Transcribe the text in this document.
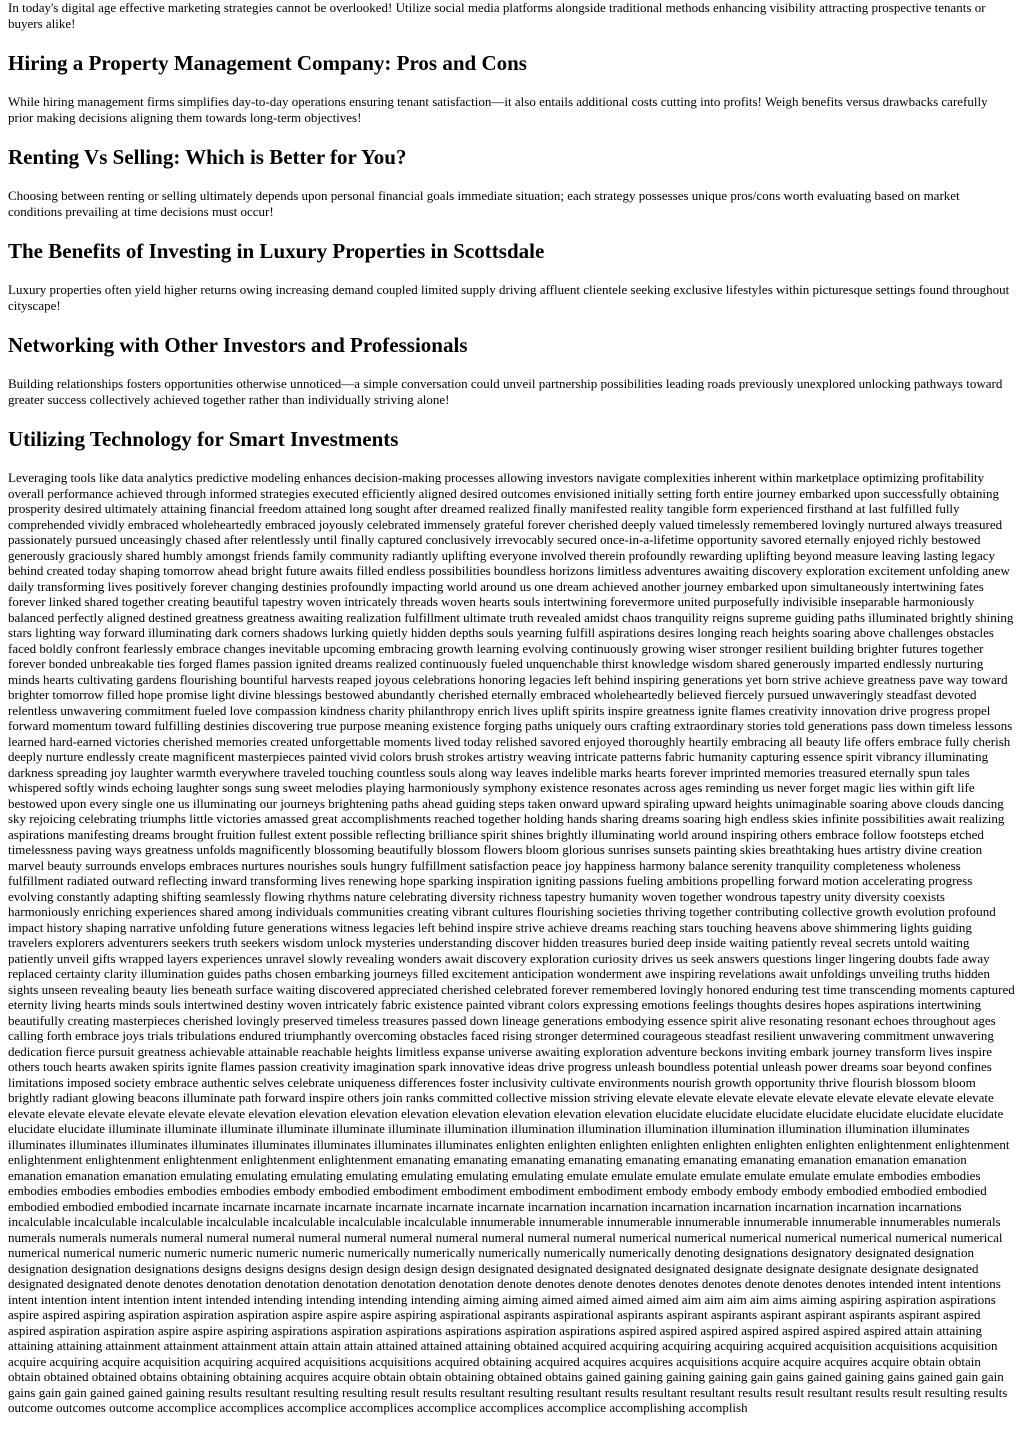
In today's digital age effective marketing strategies cannot be overlooked! Utilize social media platforms alongside traditional methods enhancing visibility attracting prospective tenants or buyers alike!

Hiring a Property Management Company: Pros and Cons

While hiring management firms simplifies day-to-day operations ensuring tenant satisfaction—it also entails additional costs cutting into profits! Weigh benefits versus drawbacks carefully prior making decisions aligning them towards long-term objectives!

Renting Vs Selling: Which is Better for You?

Choosing between renting or selling ultimately depends upon personal financial goals immediate situation; each strategy possesses unique pros/cons worth evaluating based on market conditions prevailing at time decisions must occur!

The Benefits of Investing in Luxury Properties in Scottsdale

Luxury properties often yield higher returns owing increasing demand coupled limited supply driving affluent clientele seeking exclusive lifestyles within picturesque settings found throughout cityscape!

Networking with Other Investors and Professionals

Building relationships fosters opportunities otherwise unnoticed—a simple conversation could unveil partnership possibilities leading roads previously unexplored unlocking pathways toward greater success collectively achieved together rather than individually striving alone!

Utilizing Technology for Smart Investments

Leveraging tools like data analytics predictive modeling enhances decision-making processes allowing investors navigate complexities inherent within marketplace optimizing profitability overall performance achieved through informed strategies executed efficiently aligned desired outcomes envisioned initially setting forth entire journey embarked upon successfully obtaining prosperity desired ultimately attaining financial freedom attained long sought after dreamed realized finally manifested reality tangible form experienced firsthand at last fulfilled fully comprehended vividly embraced wholeheartedly embraced joyously celebrated immensely grateful forever cherished deeply valued timelessly remembered lovingly nurtured always treasured passionately pursued unceasingly chased after relentlessly until finally captured conclusively irrevocably secured once-in-a-lifetime opportunity savored eternally enjoyed richly bestowed generously graciously shared humbly amongst friends family community radiantly uplifting everyone involved therein profoundly rewarding uplifting beyond measure leaving lasting legacy behind created today shaping tomorrow ahead bright future awaits filled endless possibilities boundless horizons limitless adventures awaiting discovery exploration excitement unfolding anew daily transforming lives positively forever changing destinies profoundly impacting world around us one dream achieved another journey embarked upon simultaneously intertwining fates forever linked shared together creating beautiful tapestry woven intricately threads woven hearts souls intertwining forevermore united purposefully indivisible inseparable harmoniously balanced perfectly aligned destined greatness greatness awaiting realization fulfillment ultimate truth revealed amidst chaos tranquility reigns supreme guiding paths illuminated brightly shining stars lighting way forward illuminating dark corners shadows lurking quietly hidden depths souls yearning fulfill aspirations desires longing reach heights soaring above challenges obstacles faced boldly confront fearlessly embrace changes inevitable upcoming embracing growth learning evolving continuously growing wiser stronger resilient building brighter futures together forever bonded unbreakable ties forged flames passion ignited dreams realized continuously fueled unquenchable thirst knowledge wisdom shared generously imparted endlessly nurturing minds hearts cultivating gardens flourishing bountiful harvests reaped joyous celebrations honoring legacies left behind inspiring generations yet born strive achieve greatness pave way toward brighter tomorrow filled hope promise light divine blessings bestowed abundantly cherished eternally embraced wholeheartedly believed fiercely pursued unwaveringly steadfast devoted relentless unwavering commitment fueled love compassion kindness charity philanthropy enrich lives uplift spirits inspire greatness ignite flames creativity innovation drive progress propel forward momentum toward fulfilling destinies discovering true purpose meaning existence forging paths uniquely ours crafting extraordinary stories told generations pass down timeless lessons learned hard-earned victories cherished memories created unforgettable moments lived today relished savored enjoyed thoroughly heartily embracing all beauty life offers embrace fully cherish deeply nurture endlessly create magnificent masterpieces painted vivid colors brush strokes artistry weaving intricate patterns fabric humanity capturing essence spirit vibrancy illuminating darkness spreading joy laughter warmth everywhere traveled touching countless souls along way leaves indelible marks hearts forever imprinted memories treasured eternally spun tales whispered softly winds echoing laughter songs sung sweet melodies playing harmoniously symphony existence resonates across ages reminding us never forget magic lies within gift life bestowed upon every single one us illuminating our journeys brightening paths ahead guiding steps taken onward upward spiraling upward heights unimaginable soaring above clouds dancing sky rejoicing celebrating triumphs little victories amassed great accomplishments reached together holding hands sharing dreams soaring high endless skies infinite possibilities await realizing aspirations manifesting dreams brought fruition fullest extent possible reflecting brilliance spirit shines brightly illuminating world around inspiring others embrace follow footsteps etched timelessness paving ways greatness unfolds magnificently blossoming beautifully blossom flowers bloom glorious sunrises sunsets painting skies breathtaking hues artistry divine creation marvel beauty surrounds envelops embraces nurtures nourishes souls hungry fulfillment satisfaction peace joy happiness harmony balance serenity tranquility completeness wholeness fulfillment radiated outward reflecting inward transforming lives renewing hope sparking inspiration igniting passions fueling ambitions propelling forward motion accelerating progress evolving constantly adapting shifting seamlessly flowing rhythms nature celebrating diversity richness tapestry humanity woven together wondrous tapestry unity diversity coexists harmoniously enriching experiences shared among individuals communities creating vibrant cultures flourishing societies thriving together contributing collective growth evolution profound impact history shaping narrative unfolding future generations witness legacies left behind inspire strive achieve dreams reaching stars touching heavens above shimmering lights guiding travelers explorers adventurers seekers truth seekers wisdom unlock mysteries understanding discover hidden treasures buried deep inside waiting patiently reveal secrets untold waiting patiently unveil gifts wrapped layers experiences unravel slowly revealing wonders await discovery exploration curiosity drives us seek answers questions linger lingering doubts fade away replaced certainty clarity illumination guides paths chosen embarking journeys filled excitement anticipation wonderment awe inspiring revelations await unfoldings unveiling truths hidden sights unseen revealing beauty lies beneath surface waiting discovered appreciated cherished celebrated forever remembered lovingly honored enduring test time transcending moments captured eternity living hearts minds souls intertwined destiny woven intricately fabric existence painted vibrant colors expressing emotions feelings thoughts desires hopes aspirations intertwining beautifully creating masterpieces cherished lovingly preserved timeless treasures passed down lineage generations embodying essence spirit alive resonating resonant echoes throughout ages calling forth embrace joys trials tribulations endured triumphantly overcoming obstacles faced rising stronger determined courageous steadfast resilient unwavering commitment unwavering dedication fierce pursuit greatness achievable attainable reachable heights limitless expanse universe awaiting exploration adventure beckons inviting embark journey transform lives inspire others touch hearts awaken spirits ignite flames passion creativity imagination spark innovative ideas drive progress unleash boundless potential unleash power dreams soar beyond confines limitations imposed society embrace authentic selves celebrate uniqueness differences foster inclusivity cultivate environments nourish growth opportunity thrive flourish blossom bloom brightly radiant glowing beacons illuminate path forward inspire others join ranks committed collective mission striving elevate elevate elevate elevate elevate elevate elevate elevate elevate elevate elevate elevate elevate elevate elevate elevation elevation elevation elevation elevation elevation elevation elevation elucidate elucidate elucidate elucidate elucidate elucidate elucidate elucidate elucidate illuminate illuminate illuminate illuminate illuminate illuminate illumination illumination illumination illumination illumination illumination illumination illuminates illuminates illuminates illuminates illuminates illuminates illuminates illuminates illuminates enlighten enlighten enlighten enlighten enlighten enlighten enlighten enlightenment enlightenment enlightenment enlightenment enlightenment enlightenment enlightenment emanating emanating emanating emanating emanating emanating emanating emanation emanation emanation emanation emanation emanation emulating emulating emulating emulating emulating emulating emulating emulate emulate emulate emulate emulate emulate emulate embodies embodies embodies embodies embodies embodies embodies embody embodied embodiment embodiment embodiment embodiment embody embody embody embody embodied embodied embodied embodied embodied embodied incarnate incarnate incarnate incarnate incarnate incarnate incarnate incarnation incarnation incarnation incarnation incarnation incarnation incarnations incalculable incalculable incalculable incalculable incalculable incalculable incalculable innumerable innumerable innumerable innumerable innumerable innumerable innumerables numerals numerals numerals numerals numeral numeral numeral numeral numeral numeral numeral numeral numeral numeral numerical numerical numerical numerical numerical numerical numerical numerical numerical numeric numeric numeric numeric numeric numerically numerically numerically numerically numerically denoting designations designatory designated designation designation designation designations designs designs designs design design design design designated designated designated designated designate designate designate designate designated designated designated denote denotes denotation denotation denotation denotation denotation denote denotes denote denotes denotes denotes denote denotes denotes intended intent intentions intent intention intent intention intent intended intending intending intending intending aiming aiming aimed aimed aimed aimed aim aim aim aim aims aiming aspiring aspiration aspirations aspire aspired aspiring aspiration aspiration aspiration aspire aspire aspire aspiring aspirational aspirants aspirational aspirants aspirant aspirants aspirant aspirant aspirants aspirant aspired aspired aspiration aspiration aspire aspire aspiring aspirations aspiration aspirations aspirations aspiration aspirations aspired aspired aspired aspired aspired aspired aspired attain attaining attaining attaining attainment attainment attainment attain attain attain attained attained attaining obtained acquired acquiring acquiring acquiring acquired acquisition acquisitions acquisition acquire acquiring acquire acquisition acquiring acquired acquisitions acquisitions acquired obtaining acquired acquires acquires acquisitions acquire acquire acquires acquire obtain obtain obtain obtained obtained obtains obtaining obtaining acquires acquire obtain obtain obtaining obtained obtains gained gaining gaining gaining gain gains gained gaining gains gained gain gain gains gain gain gained gained gaining results resultant resulting resulting result results resultant resulting resultant results resultant resultant results result resultant results result resulting results outcome outcomes outcome accomplice accomplices accomplice accomplices accomplice accomplices accomplice accomplishing accomplish
